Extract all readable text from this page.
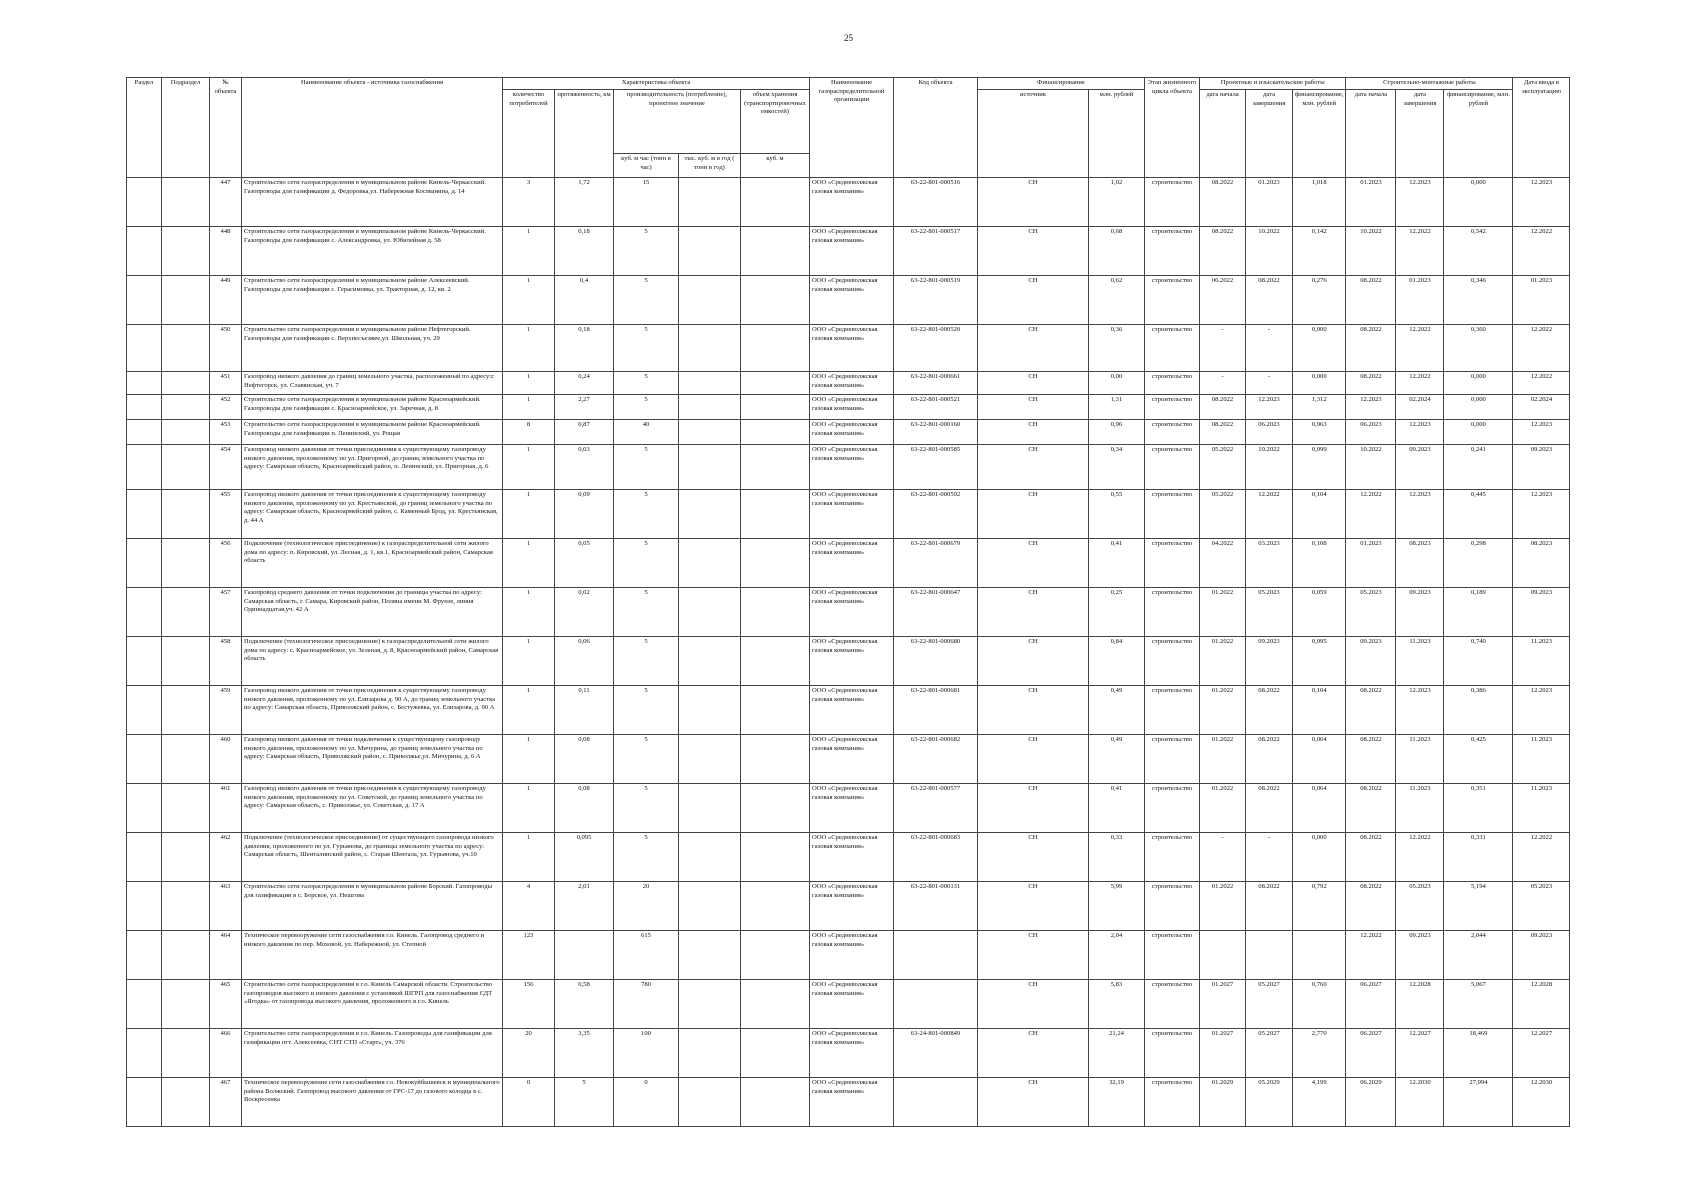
25
Раздел	Подраздел	№ объекта	Наименование объекта - источника газоснабжения	Характеристика объекта					Наименование газораспределительной организации	Код объекта	Финансирование		Этап жизненного цикла объекта	Проектные и изыскательские работы			Строительно-монтажные работы			Дата ввода в эксплуатацию
				количество потребителей	протяженность, км	производительность (потребление), проектное значение		объем хранения (транспортировочных емкостей)			источник	млн. рублей		дата начала	дата завершения	финансирование, млн. рублей	дата начала	дата завершения	финансирование, млн. рублей	
						куб. м час (тонн в час)	тыс. куб. м в год ( тонн в год)	куб. м												
		447	Строительство сети газораспределения в муниципальном районе Кинель-Черкасский. Газопроводы для газификации д. Федоровка,ул. Набережная Космынина, д. 14	3	1,72	15			ООО «Средневолжская газовая компания»	63-22-801-000516	СН	1,02	строительство	08.2022	01.2023	1,018	01.2023	12.2023	0,000	12.2023
		448	Строительство сети газораспределения в муниципальном районе Кинель-Черкасский. Газопроводы для газификации с. Александровка, ул. Юбилейная д. 58	1	0,18	5			ООО «Средневолжская газовая компания»	63-22-801-000517	СН	0,68	строительство	08.2022	10.2022	0,142	10.2022	12.2022	0,542	12.2022
		449	Строительство сети газораспределения в муниципальном районе Алексеевский. Газопроводы для газификации с. Герасимовка, ул. Тракторная, д. 12, кв. 2	1	0,4	5			ООО «Средневолжская газовая компания»	63-22-801-000519	СН	0,62	строительство	06.2022	08.2022	0,276	08.2022	01.2023	0,346	01.2023
		450	Строительство сети газораспределения в муниципальном районе Нефтегорский. Газопроводы для газификации с. Верхнесъезжее,ул. Школьная, уч. 29	1	0,18	5			ООО «Средневолжская газовая компания»	63-22-801-000520	СН	0,36	строительство	-	-	0,000	08.2022	12.2022	0,360	12.2022
		451	Газопровод низкого давления до границ земельного участка, расположенный по адресу:г. Нефтегорск, ул. Славянская, уч. 7	1	0,24	5			ООО «Средневолжская газовая компания»	63-22-801-000661	СН	0,00	строительство	-	-	0,000	08.2022	12.2022	0,000	12.2022
		452	Строительство сети газораспределения в муниципальном районе Красноармейский. Газопроводы для газификации с. Красноармейское, ул. Заречная, д. 8	1	2,27	5			ООО «Средневолжская газовая компания»	63-22-801-000521	СН	1,31	строительство	08.2022	12.2023	1,312	12.2023	02.2024	0,000	02.2024
		453	Строительство сети газораспределения в муниципальном районе Красноармейский. Газопроводы для газификации п. Ленинский, ул. Рощая	8	0,87	40			ООО «Средневолжская газовая компания»	63-22-801-000160	СН	0,96	строительство	08.2022	06.2023	0,963	06.2023	12.2023	0,000	12.2023
		454	Газопровод низкого давления от точки присоединения к существующему газопроводу низкого давления, проложенному по ул. Пригорной, до границ земельного участка по адресу: Самарская область, Красноармейский район, п. Ленинский, ул. Пригорная, д. 6	1	0,03	5			ООО «Средневолжская газовая компания»	63-22-801-000585	СН	0,34	строительство	05.2022	10.2022	0,099	10.2022	09.2023	0,241	09.2023
		455	Газопровод низкого давления от точки присоединения к существующему газопроводу низкого давления, проложенному по ул. Крестьянской, до границ земельного участка по адресу: Самарская область, Красноармейский район, с. Каменный Брод, ул. Крестьянская, д. 44 А	1	0,09	5			ООО «Средневолжская газовая компания»	63-22-801-000592	СН	0,55	строительство	05.2022	12.2022	0,104	12.2022	12.2023	0,445	12.2023
		456	Подключение (технологическое присоединение) к газораспределительной сети жилого дома по адресу: п. Кировский, ул. Лесная, д. 1, кв.1, Красноармейский район, Самарская область	1	0,05	5			ООО «Средневолжская газовая компания»	63-22-801-000679	СН	0,41	строительство	04.2022	03.2023	0,108	01.2023	08.2023	0,298	08.2023
		457	Газопровод среднего давления от точки подключения до границы участка по адресу: Самарская область, г. Самара, Кировский район, Поляна имени М. Фрунзе, линия Одиннадцатая,уч. 42 А	1	0,02	5			ООО «Средневолжская газовая компания»	63-22-801-000647	СН	0,25	строительство	01.2022	05.2023	0,059	05.2023	09.2023	0,189	09.2023
		458	Подключение (технологическое присоединение) к газораспределительной сети жилого дома по адресу: с. Красноармейское, ул. Зеленая, д. 8, Красноармейский район, Самарская область	1	0,06	5			ООО «Средневолжская газовая компания»	63-22-801-000680	СН	0,84	строительство	01.2022	09.2023	0,095	09.2023	11.2023	0,740	11.2023
		459	Газопровод низкого давления от точки присоединения к существующему газопроводу низкого давления, проложенному по ул. Елизарова д. 90 А, до границ земельного участка по адресу: Самарская область, Приволжский район, с. Бестужевка, ул. Елизарова, д. 90 А	1	0,11	5			ООО «Средневолжская газовая компания»	63-22-801-000681	СН	0,49	строительство	01.2022	08.2022	0,104	08.2022	12.2023	0,386	12.2023
		460	Газопровод низкого давления от точки подключения к существующему газопроводу низкого давления, проложенному по ул. Мичурина, до границ земельного участка по адресу: Самарская область, Приволжский район, с. Приволжье,ул. Мичурина, д. 6 А	1	0,08	5			ООО «Средневолжская газовая компания»	63-22-801-000682	СН	0,49	строительство	01.2022	08.2022	0,064	08.2022	11.2023	0,425	11.2023
		461	Газопровод низкого давления от точки присоединения к существующему газопроводу низкого давления, проложенному по ул. Советской, до границ земельного участка по адресу: Самарская область, с. Приволжье, ул. Советская, д. 17 А	1	0,08	5			ООО «Средневолжская газовая компания»	63-22-801-000577	СН	0,41	строительство	01.2022	08.2022	0,064	08.2022	11.2023	0,351	11.2023
		462	Подключение (технологическое присоединение) от существующего газопровода низкого давления, проложенного по ул. Гурьянова, до границы земельного участка по адресу: Самарская область, Шенталинский район, с. Старая Шентала, ул. Гурьянова, уч.10	1	0,095	5			ООО «Средневолжская газовая компания»	63-22-801-000683	СН	0,33	строительство	-	-	0,000	08.2022	12.2022	0,331	12.2022
		463	Строительство сети газораспределения в муниципальном районе Борский. Газопроводы для газификации в с. Борское, ул. Нешгова	4	2,01	20			ООО «Средневолжская газовая компания»	63-22-801-000131	СН	5,99	строительство	01.2022	08.2022	0,792	08.2022	05.2023	5,194	05.2023
		464	Техническое перевооружение сети газоснабжения г.о. Кинель. Газопровод среднего и низкого давления по пер. Моховой, ул. Набережной, ул. Степной	123		615			ООО «Средневолжская газовая компания»		СН	2,04	строительство				12.2022	09.2023	2,044	09.2023
		465	Строительство сети газораспределения в г.о. Кинель Самарской области. Строительство газопроводов высокого и низкого давления с установкой ШГРП для газоснабжения СДТ «Ягодка» от газопровода высокого давления, проложенного в г.о. Кинель	156	0,58	780			ООО «Средневолжская газовая компания»		СН	5,83	строительство	01.2027	05.2027	0,760	06.2027	12.2028	5,067	12.2028
		466	Строительство сети газораспределения в г.о. Кинель. Газопроводы для газификации для газификации пгт. Алексеевка, СНТ СТП «Старт», уч. 376	20	3,35	100			ООО «Средневолжская газовая компания»	63-24-801-000849	СН	21,24	строительство	01.2027	05.2027	2,770	06.2027	12.2027	18,469	12.2027
		467	Техническое перевооружение сети газоснабжения г.о. Новокуйбышевск и муниципального района Волжский. Газопровод высокого давления от ГРС-17 до газового колодца в с. Воскресенка	0	5	0			ООО «Средневолжская газовая компания»		СН	32,19	строительство	01.2029	05.2029	4,199	06.2029	12.2030	27,994	12.2030
